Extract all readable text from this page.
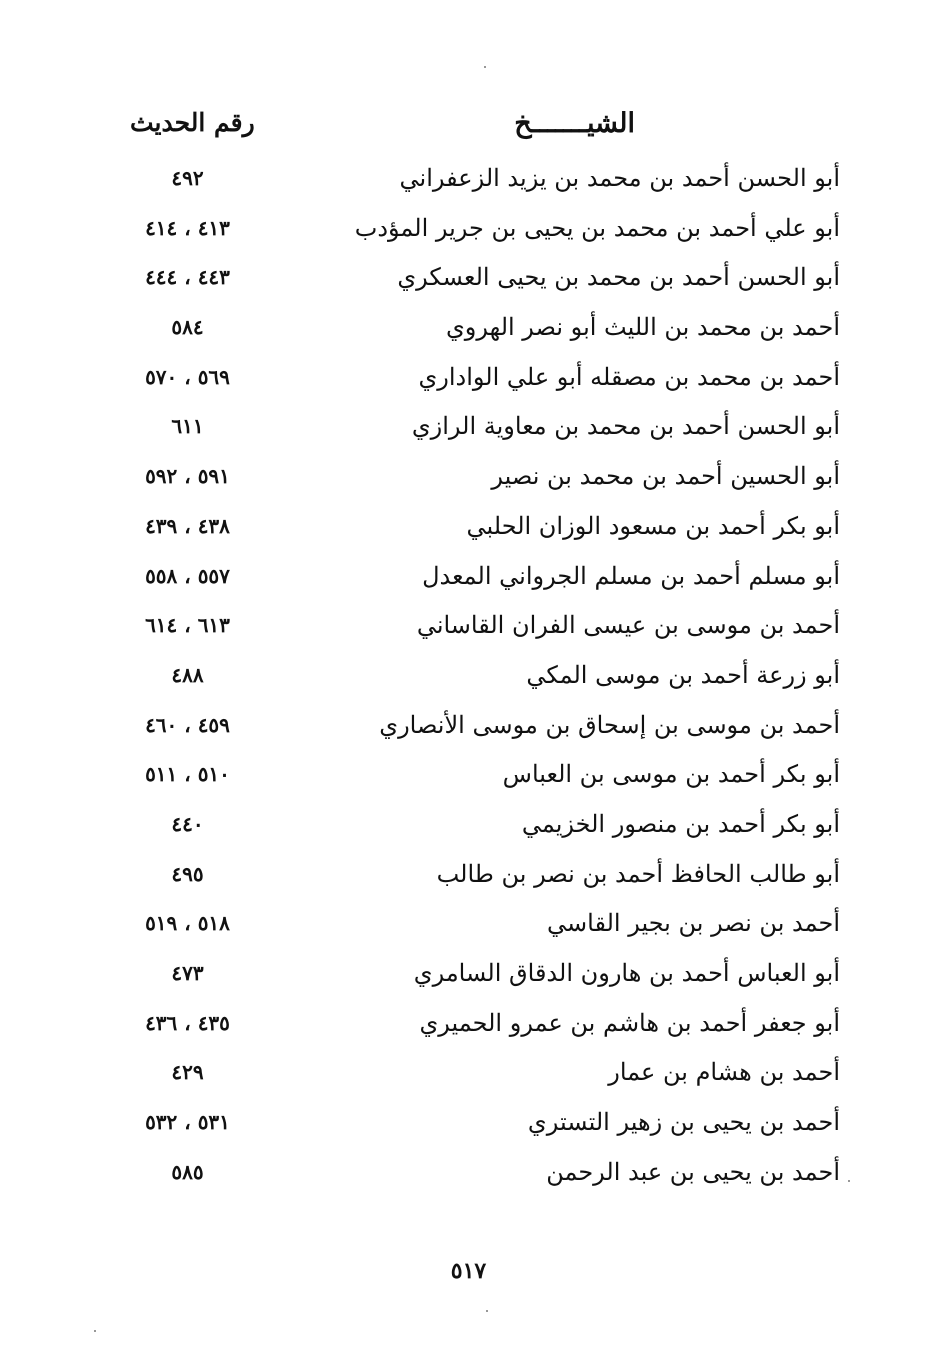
الشيـــــــخ
رقم الحديث
أبو الحسن أحمد بن محمد بن يزيد الزعفراني
٤٩٢
أبو علي أحمد بن محمد بن يحيى بن جرير المؤدب
٤١٣ ، ٤١٤
أبو الحسن أحمد بن محمد بن يحيى العسكري
٤٤٣ ، ٤٤٤
أحمد بن محمد بن الليث أبو نصر الهروي
٥٨٤
أحمد بن محمد بن مصقله أبو علي الواداري
٥٦٩ ، ٥٧٠
أبو الحسن أحمد بن محمد بن معاوية الرازي
٦١١
أبو الحسين أحمد بن محمد بن نصير
٥٩١ ، ٥٩٢
أبو بكر أحمد بن مسعود الوزان الحلبي
٤٣٨ ، ٤٣٩
أبو مسلم أحمد بن مسلم الجرواني المعدل
٥٥٧ ، ٥٥٨
أحمد بن موسى بن عيسى الفران القاساني
٦١٣ ، ٦١٤
أبو زرعة أحمد بن موسى المكي
٤٨٨
أحمد بن موسى بن إسحاق بن موسى الأنصاري
٤٥٩ ، ٤٦٠
أبو بكر أحمد بن موسى بن العباس
٥١٠ ، ٥١١
أبو بكر أحمد بن منصور الخزيمي
٤٤٠
أبو طالب الحافظ أحمد بن نصر بن طالب
٤٩٥
أحمد بن نصر بن بجير القاسي
٥١٨ ، ٥١٩
أبو العباس أحمد بن هارون الدقاق السامري
٤٧٣
أبو جعفر أحمد بن هاشم بن عمرو الحميري
٤٣٥ ، ٤٣٦
أحمد بن هشام بن عمار
٤٢٩
أحمد بن يحيى بن زهير التستري
٥٣١ ، ٥٣٢
أحمد بن يحيى بن عبد الرحمن
٥٨٥
٥١٧
